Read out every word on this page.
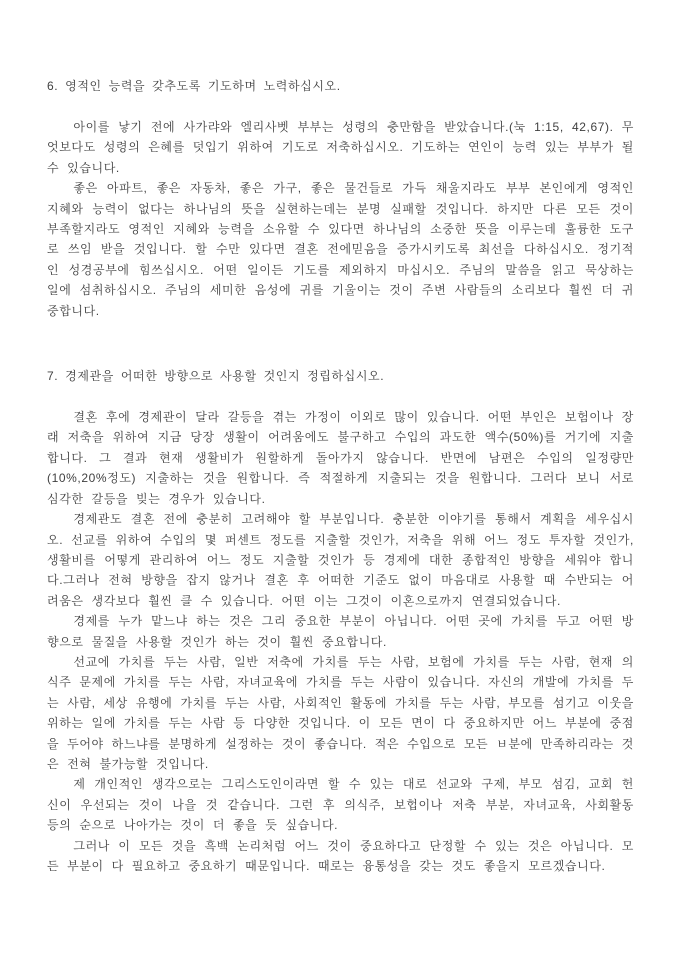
6. 영적인 능력을 갖추도록 기도하며 노력하십시오.

아이를 낳기 전에 사가랴와 엘리사벳 부부는 성령의 충만함을 받았습니다.(눅 1:15, 42,67). 무엇보다도 성령의 은혜를 덧입기 위하여 기도로 저축하십시오. 기도하는 연인이 능력 있는 부부가 될 수 있습니다.

좋은 아파트, 좋은 자동차, 좋은 가구, 좋은 물건들로 가득 채울지라도 부부 본인에게 영적인 지혜와 능력이 없다는 하나님의 뜻을 실현하는데는 분명 실패할 것입니다. 하지만 다른 모든 것이 부족할지라도 영적인 지혜와 능력을 소유할 수 있다면 하나님의 소중한 뜻을 이루는데 훌륭한 도구로 쓰임 받을 것입니다. 할 수만 있다면 결혼 전에믿음을 증가시키도록 최선을 다하십시오. 정기적인 성경공부에 힘쓰십시오. 어떤 일이든 기도를 제외하지 마십시오. 주님의 말씀을 읽고 묵상하는 일에 섬취하십시오. 주님의 세미한 음성에 귀를 기울이는 것이 주변 사람들의 소리보다 훨씬 더 귀중합니다.

7. 경제관을 어떠한 방향으로 사용할 것인지 정립하십시오.

결혼 후에 경제관이 달라 갈등을 겪는 가정이 이외로 많이 있습니다. 어떤 부인은 보험이나 장래 저축을 위하여 지금 당장 생활이 어려움에도 불구하고 수입의 과도한 액수(50%)를 거기에 지출합니다. 그 결과 현재 생활비가 원할하게 돌아가지 않습니다. 반면에 남편은 수입의 일정량만(10%,20%정도) 지출하는 것을 원합니다. 즉 적절하게 지출되는 것을 원합니다. 그러다 보니 서로 심각한 갈등을 빚는 경우가 있습니다.

경제관도 결혼 전에 충분히 고려해야 할 부분입니다. 충분한 이야기를 통해서 계획을 세우십시오. 선교를 위하여 수입의 몇 퍼센트 정도를 지출할 것인가, 저축을 위해 어느 정도 투자할 것인가, 생활비를 어떻게 관리하여 어느 정도 지출할 것인가 등 경제에 대한 종합적인 방향을 세워야 합니다.그러나 전혀 방향을 잡지 않거나 결혼 후 어떠한 기준도 없이 마음대로 사용할 때 수반되는 어려움은 생각보다 훨씬 클 수 있습니다. 어떤 이는 그것이 이혼으로까지 연결되었습니다.

경제를 누가 맡느냐 하는 것은 그리 중요한 부분이 아닙니다. 어떤 곳에 가치를 두고 어떤 방향으로 물질을 사용할 것인가 하는 것이 훨씬 중요합니다.

선교에 가치를 두는 사람, 일반 저축에 가치를 두는 사람, 보험에 가치를 두는 사람, 현재 의식주 문제에 가치를 두는 사람, 자녀교육에 가치를 두는 사람이 있습니다. 자신의 개발에 가치를 두는 사람, 세상 유행에 가치를 두는 사람, 사회적인 활동에 가치를 두는 사람, 부모를 섬기고 이웃을 위하는 일에 가치를 두는 사람 등 다양한 것입니다. 이 모든 면이 다 중요하지만 어느 부분에 중점을 두어야 하느냐를 분명하게 설정하는 것이 좋습니다. 적은 수입으로 모든 ㅂ분에 만족하리라는 것은 전혀 불가능할 것입니다.

제 개인적인 생각으로는 그리스도인이라면 할 수 있는 대로 선교와 구제, 부모 섬김, 교회 헌신이 우선되는 것이 나을 것 같습니다. 그런 후 의식주, 보헙이나 저축 부분, 자녀교육, 사회활동 등의 순으로 나아가는 것이 더 좋을 듯 싶습니다.

그러나 이 모든 것을 흑백 논리처럼 어느 것이 중요하다고 단정할 수 있는 것은 아닙니다. 모든 부분이 다 필요하고 중요하기 때문입니다. 때로는 융통성을 갖는 것도 좋을지 모르겠습니다.
